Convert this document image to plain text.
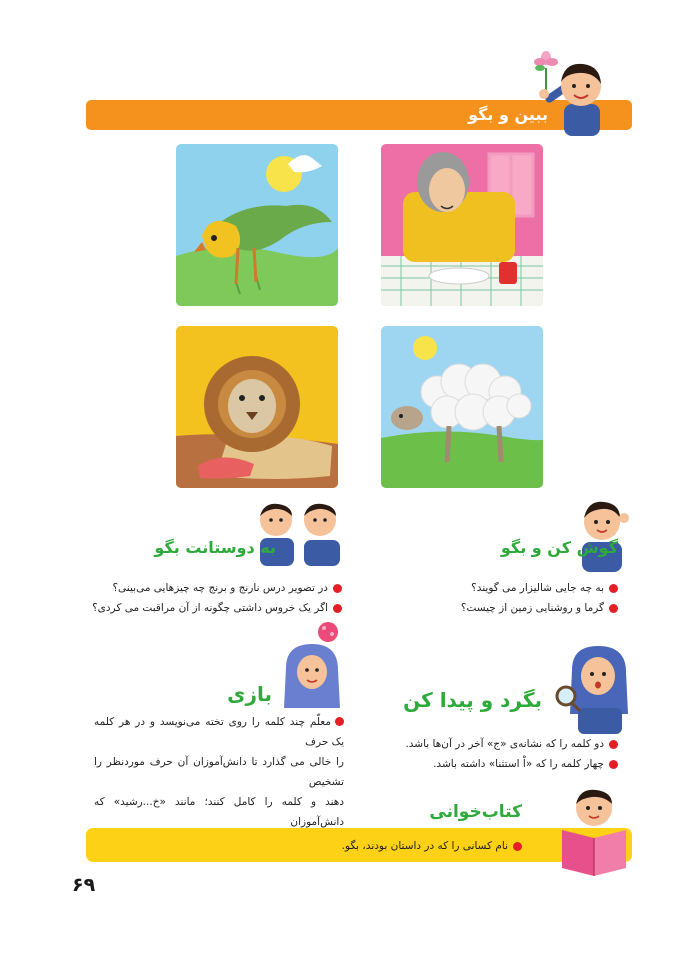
ببین و بگو
گوش کن و بگو
به چه جایی شالیزار می گویند؟
گرما و روشنایی زمین از چیست؟
به دوستانت بگو
در تصویر درس نارنج و برنج چه چیزهایی می‌بینی؟
اگر یک خروس داشتی چگونه از آن مراقبت می کردی؟
بگرد و پیدا کن
دو کلمه را که نشانه‌ی «ج» آخر در آن‌ها باشد.
چهار کلمه را که «اْ استثنا» داشته باشد.
بازی
معلّم چند کلمه را روی تخته می‌نویسد و در هر کلمه یک حرف
را خالی می گذارد تا دانش‌آموزان آن حرف موردنظر را تشخیص
دهند و کلمه را کامل کنند؛ مانند «خ...رشید» که دانش‌آموزان	کتاب‌خوانی
نام کسانی را که در داستان بودند، بگو.
۶۹
